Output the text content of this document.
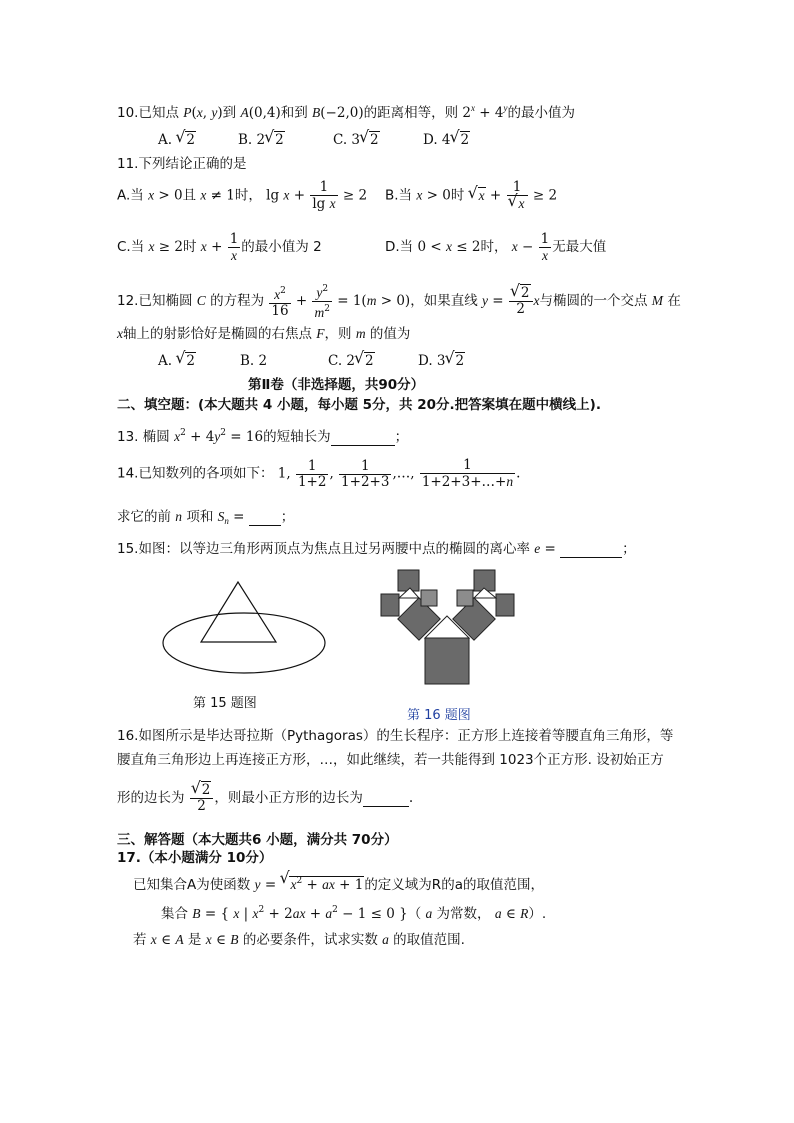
10.已知点 P(x, y)到 A(0,4)和到 B(−2,0)的距离相等，则 $2^x + 4^y$的最小值为
A. √ 2	B. 2 √ 2	C. 3 √ 2	D. 4 √ 2
11.下列结论正确的是
A.当 x > 0且 x ≠ 1时， $\lg x + \frac{1}{\text{lg x}} \ge 2$ B.当 x > 0时 √ x + 1
√ x ≥ 2
C.当 x ≥ 2时 $x + \frac{1}{x}$ 的最小值为 2	D.当 0 < x ≤ 2时， $x - \frac{1}{x}$ 无最大值
12.已知椭圆 C 的方程为 $\frac{x^2}{16} + \frac{y^2}{m^2} = 1(m > 0)$，如果直线 y = √ $\frac{2}{2}$ x与椭圆的一个交点 M 在
x轴上的射影恰好是椭圆的右焦点 F，则 m 的值为
A. √ 2	B. 2	C. 2 √ 2	D. 3 √ 2
第Ⅱ卷（非选择题，共90分）
二、填空题：(本大题共 4 小题，每小题 5分，共 20分.把答案填在题中横线上).
13. 椭圆 $x^2 + 4y^2 = 16$的短轴长为	；
14.已知数列的各项如下： 1, $\frac{1}{1+2}$ , $\frac{1}{1+2+3}$ ,…, $\frac{1}{1+2+3+\dots+n}$ .
求它的前 n 项和 $S_n$ =  ；
15.如图：以等边三角形两顶点为焦点且过另两腰中点的椭圆的离心率 e =	；
第 15 题图
第 16 题图
16.如图所示是毕达哥拉斯（Pythagoras）的生长程序：正方形上连接着等腰直角三角形，等
腰直角三角形边上再连接正方形，…，如此继续，若一共能得到 1023个正方形. 设初始正方
形的边长为 √ $\frac{2}{2}$ ，则最小正方形的边长为	.
三、解答题（本大题共6 小题，满分共 70分）
17.（本小题满分 10分）
已知集合A为使函数 y = √ $x^2$ + ax + 1的定义域为R的a的取值范围，
集合 B = { x | $x^2 + 2ax + a^2 - 1 \le 0$ }（ a 为常数， a ∈ R）.
若 x ∈ A 是 x ∈ B 的必要条件，试求实数 a 的取值范围.
